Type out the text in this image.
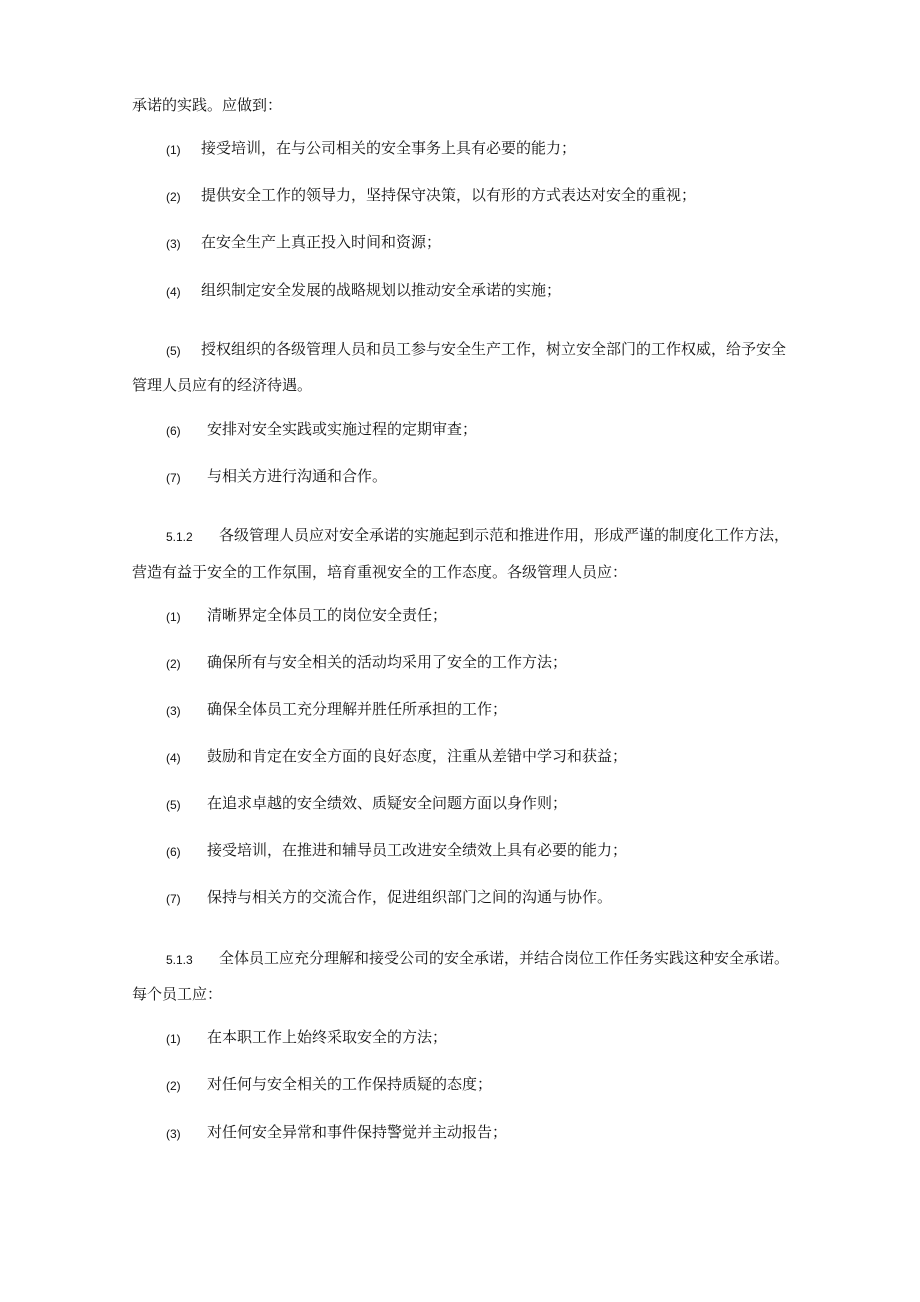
承诺的实践。应做到：
(1) 接受培训，在与公司相关的安全事务上具有必要的能力；
(2) 提供安全工作的领导力，坚持保守决策，以有形的方式表达对安全的重视；
(3) 在安全生产上真正投入时间和资源；
(4) 组织制定安全发展的战略规划以推动安全承诺的实施；
(5) 授权组织的各级管理人员和员工参与安全生产工作，树立安全部门的工作权威，给予安全
管理人员应有的经济待遇。
(6) 安排对安全实践或实施过程的定期审查；
(7) 与相关方进行沟通和合作。
5.1.2 各级管理人员应对安全承诺的实施起到示范和推进作用，形成严谨的制度化工作方法，
营造有益于安全的工作氛围，培育重视安全的工作态度。各级管理人员应：
(1) 清晰界定全体员工的岗位安全责任；
(2) 确保所有与安全相关的活动均采用了安全的工作方法；
(3) 确保全体员工充分理解并胜任所承担的工作；
(4) 鼓励和肯定在安全方面的良好态度，注重从差错中学习和获益；
(5) 在追求卓越的安全绩效、质疑安全问题方面以身作则；
(6) 接受培训，在推进和辅导员工改进安全绩效上具有必要的能力；
(7) 保持与相关方的交流合作，促进组织部门之间的沟通与协作。
5.1.3 全体员工应充分理解和接受公司的安全承诺，并结合岗位工作任务实践这种安全承诺。
每个员工应：
(1) 在本职工作上始终采取安全的方法；
(2) 对任何与安全相关的工作保持质疑的态度；
(3) 对任何安全异常和事件保持警觉并主动报告；
